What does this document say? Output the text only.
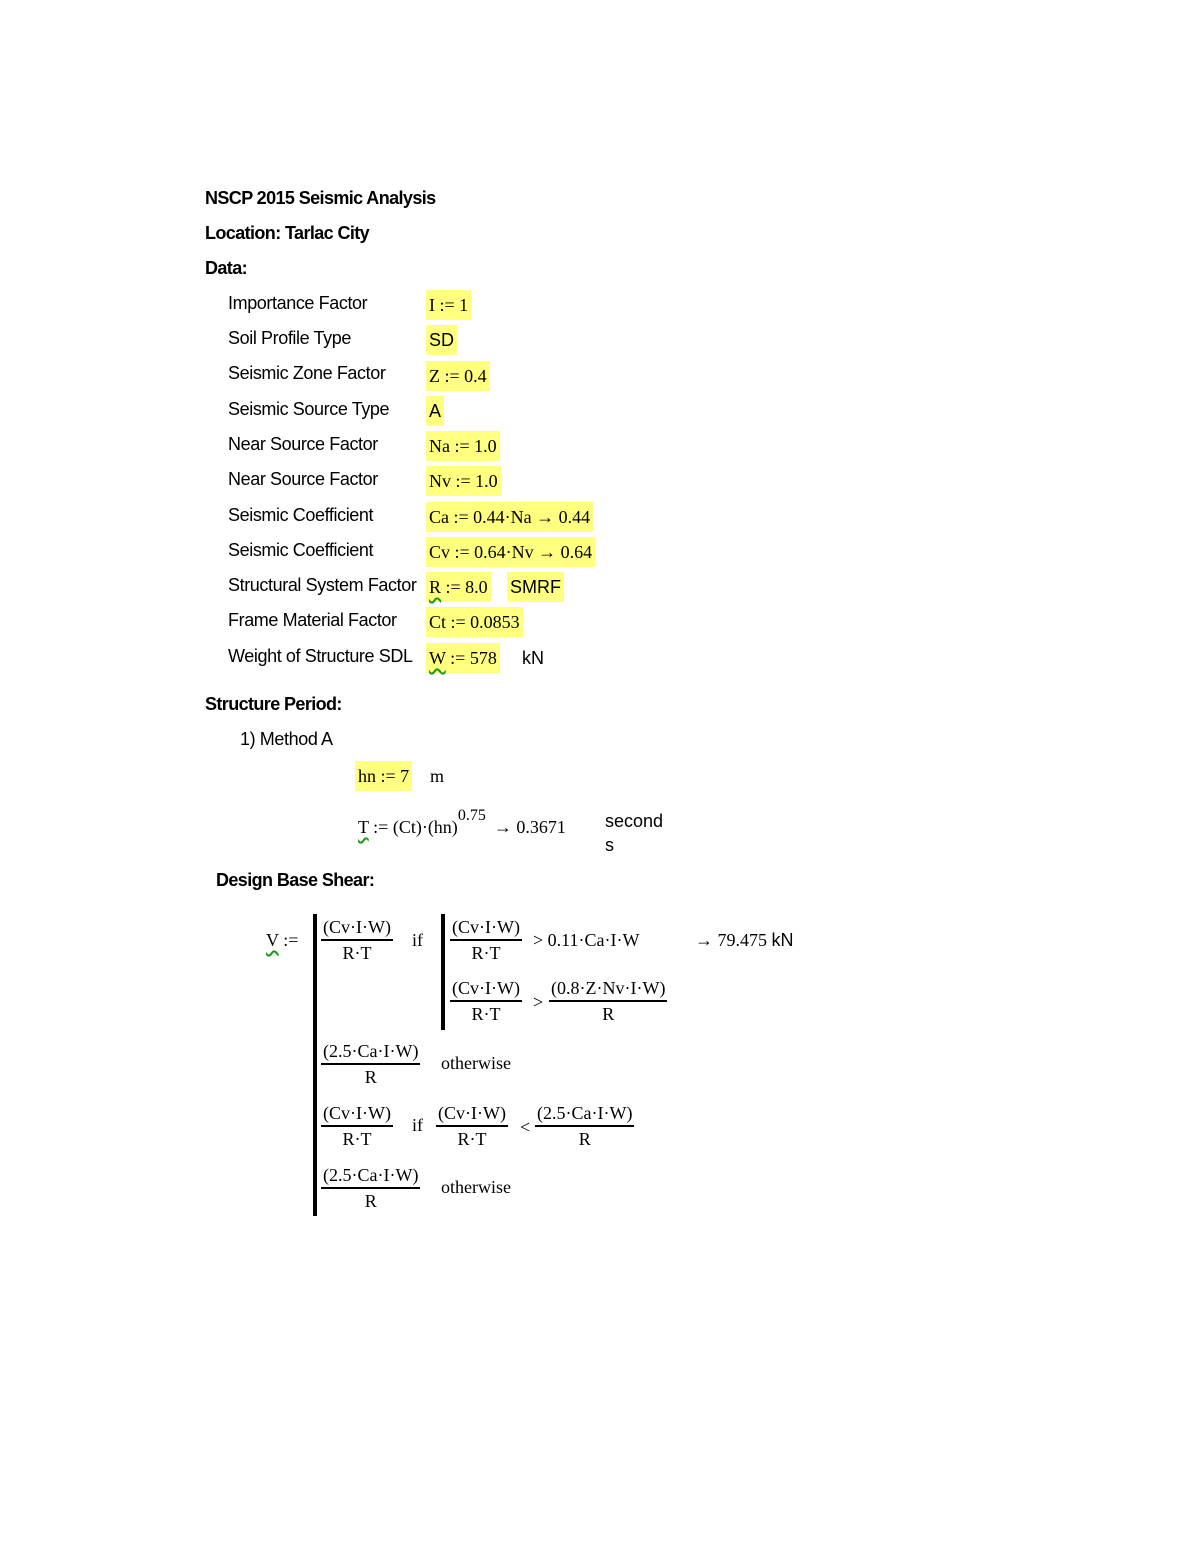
NSCP 2015 Seismic Analysis
Location: Tarlac City
Data:
Importance Factor
Soil Profile Type
Seismic Zone Factor
Seismic Source Type
Near Source Factor
Near Source Factor
Seismic Coefficient
Seismic Coefficient
Structural System Factor
Frame Material Factor
Weight of Structure SDL
I := 1
SD
Z := 0.4
A
Na := 1.0
Nv := 1.0
Ca := 0.44·Na → 0.44
Cv := 0.64·Nv → 0.64
R := 8.0 SMRF
Ct := 0.0853
W := 578 kN
Structure Period:
1) Method A
hn := 7 m
T := (Ct)·(hn)$^{0.75}$→ 0.3671 second
s
Design Base Shear:
V := $\frac{(Cv\cdot I\cdot W)}{R\cdot T}$ if $\frac{(Cv\cdot I\cdot W)}{R\cdot T} > 0.11\cdot Ca\cdot I\cdot W$
$\frac{(Cv\cdot I\cdot W)}{R\cdot T} > \frac{(0.8\cdot Z\cdot Nv\cdot I\cdot W)}{R}$
→ 79.475 kN
$\frac{(2.5\cdot Ca\cdot I\cdot W)}{R}$ otherwise
$\frac{(Cv\cdot I\cdot W)}{R\cdot T}$ if $\frac{(Cv\cdot I\cdot W)}{R\cdot T} < \frac{(2.5\cdot Ca\cdot I\cdot W)}{R}$
$\frac{(2.5\cdot Ca\cdot I\cdot W)}{R}$ otherwise
